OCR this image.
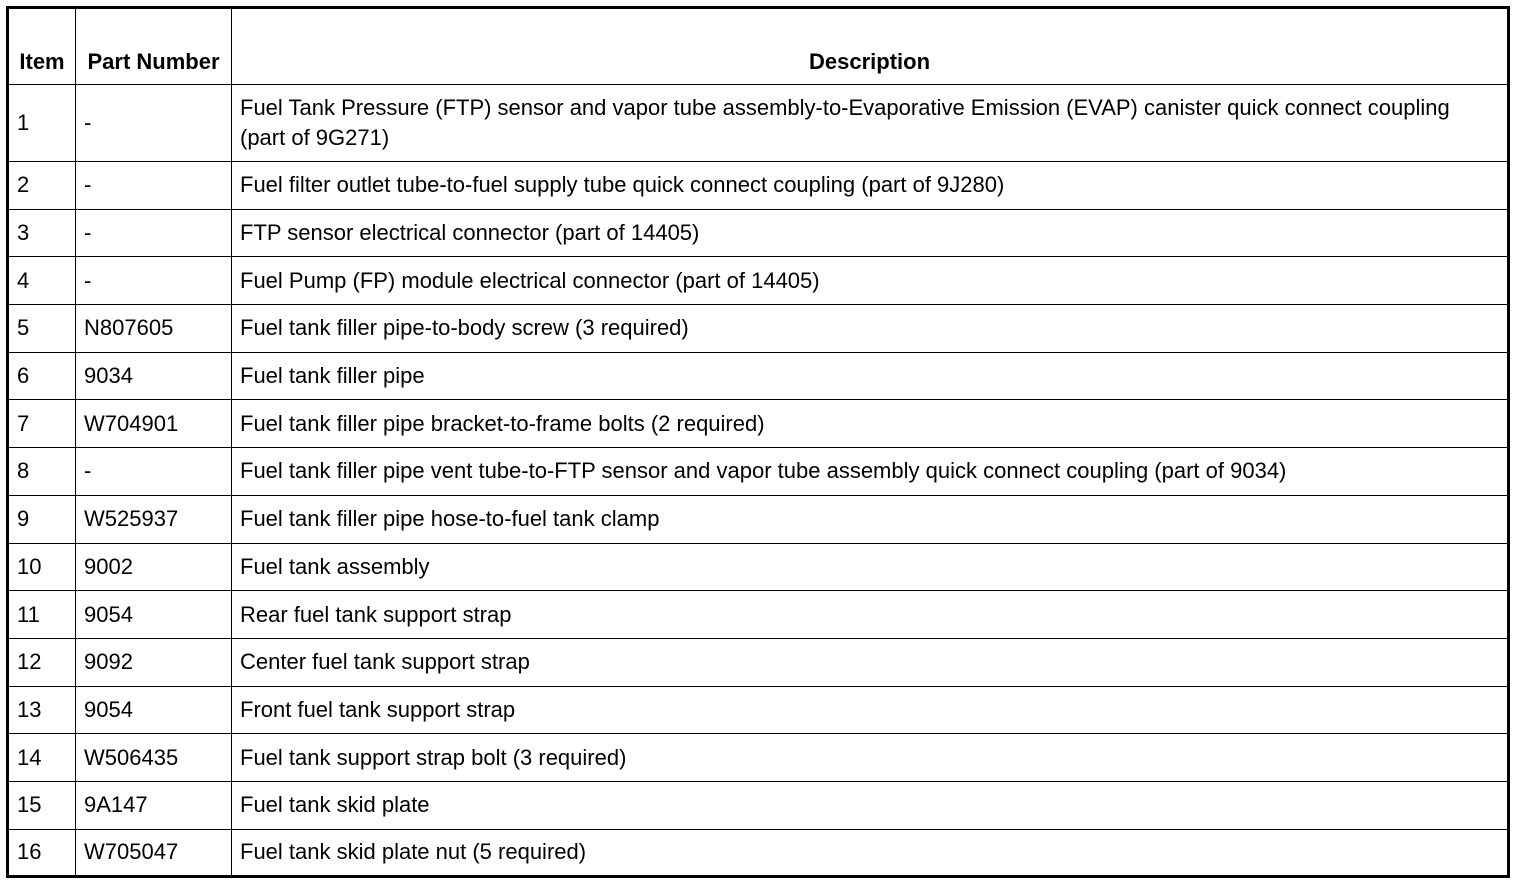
Item	Part Number	Description
1	-	Fuel Tank Pressure (FTP) sensor and vapor tube assembly-to-Evaporative Emission (EVAP) canister quick connect coupling (part of 9G271)
2	-	Fuel filter outlet tube-to-fuel supply tube quick connect coupling (part of 9J280)
3	-	FTP sensor electrical connector (part of 14405)
4	-	Fuel Pump (FP) module electrical connector (part of 14405)
5	N807605	Fuel tank filler pipe-to-body screw (3 required)
6	9034	Fuel tank filler pipe
7	W704901	Fuel tank filler pipe bracket-to-frame bolts (2 required)
8	-	Fuel tank filler pipe vent tube-to-FTP sensor and vapor tube assembly quick connect coupling (part of 9034)
9	W525937	Fuel tank filler pipe hose-to-fuel tank clamp
10	9002	Fuel tank assembly
11	9054	Rear fuel tank support strap
12	9092	Center fuel tank support strap
13	9054	Front fuel tank support strap
14	W506435	Fuel tank support strap bolt (3 required)
15	9A147	Fuel tank skid plate
16	W705047	Fuel tank skid plate nut (5 required)
